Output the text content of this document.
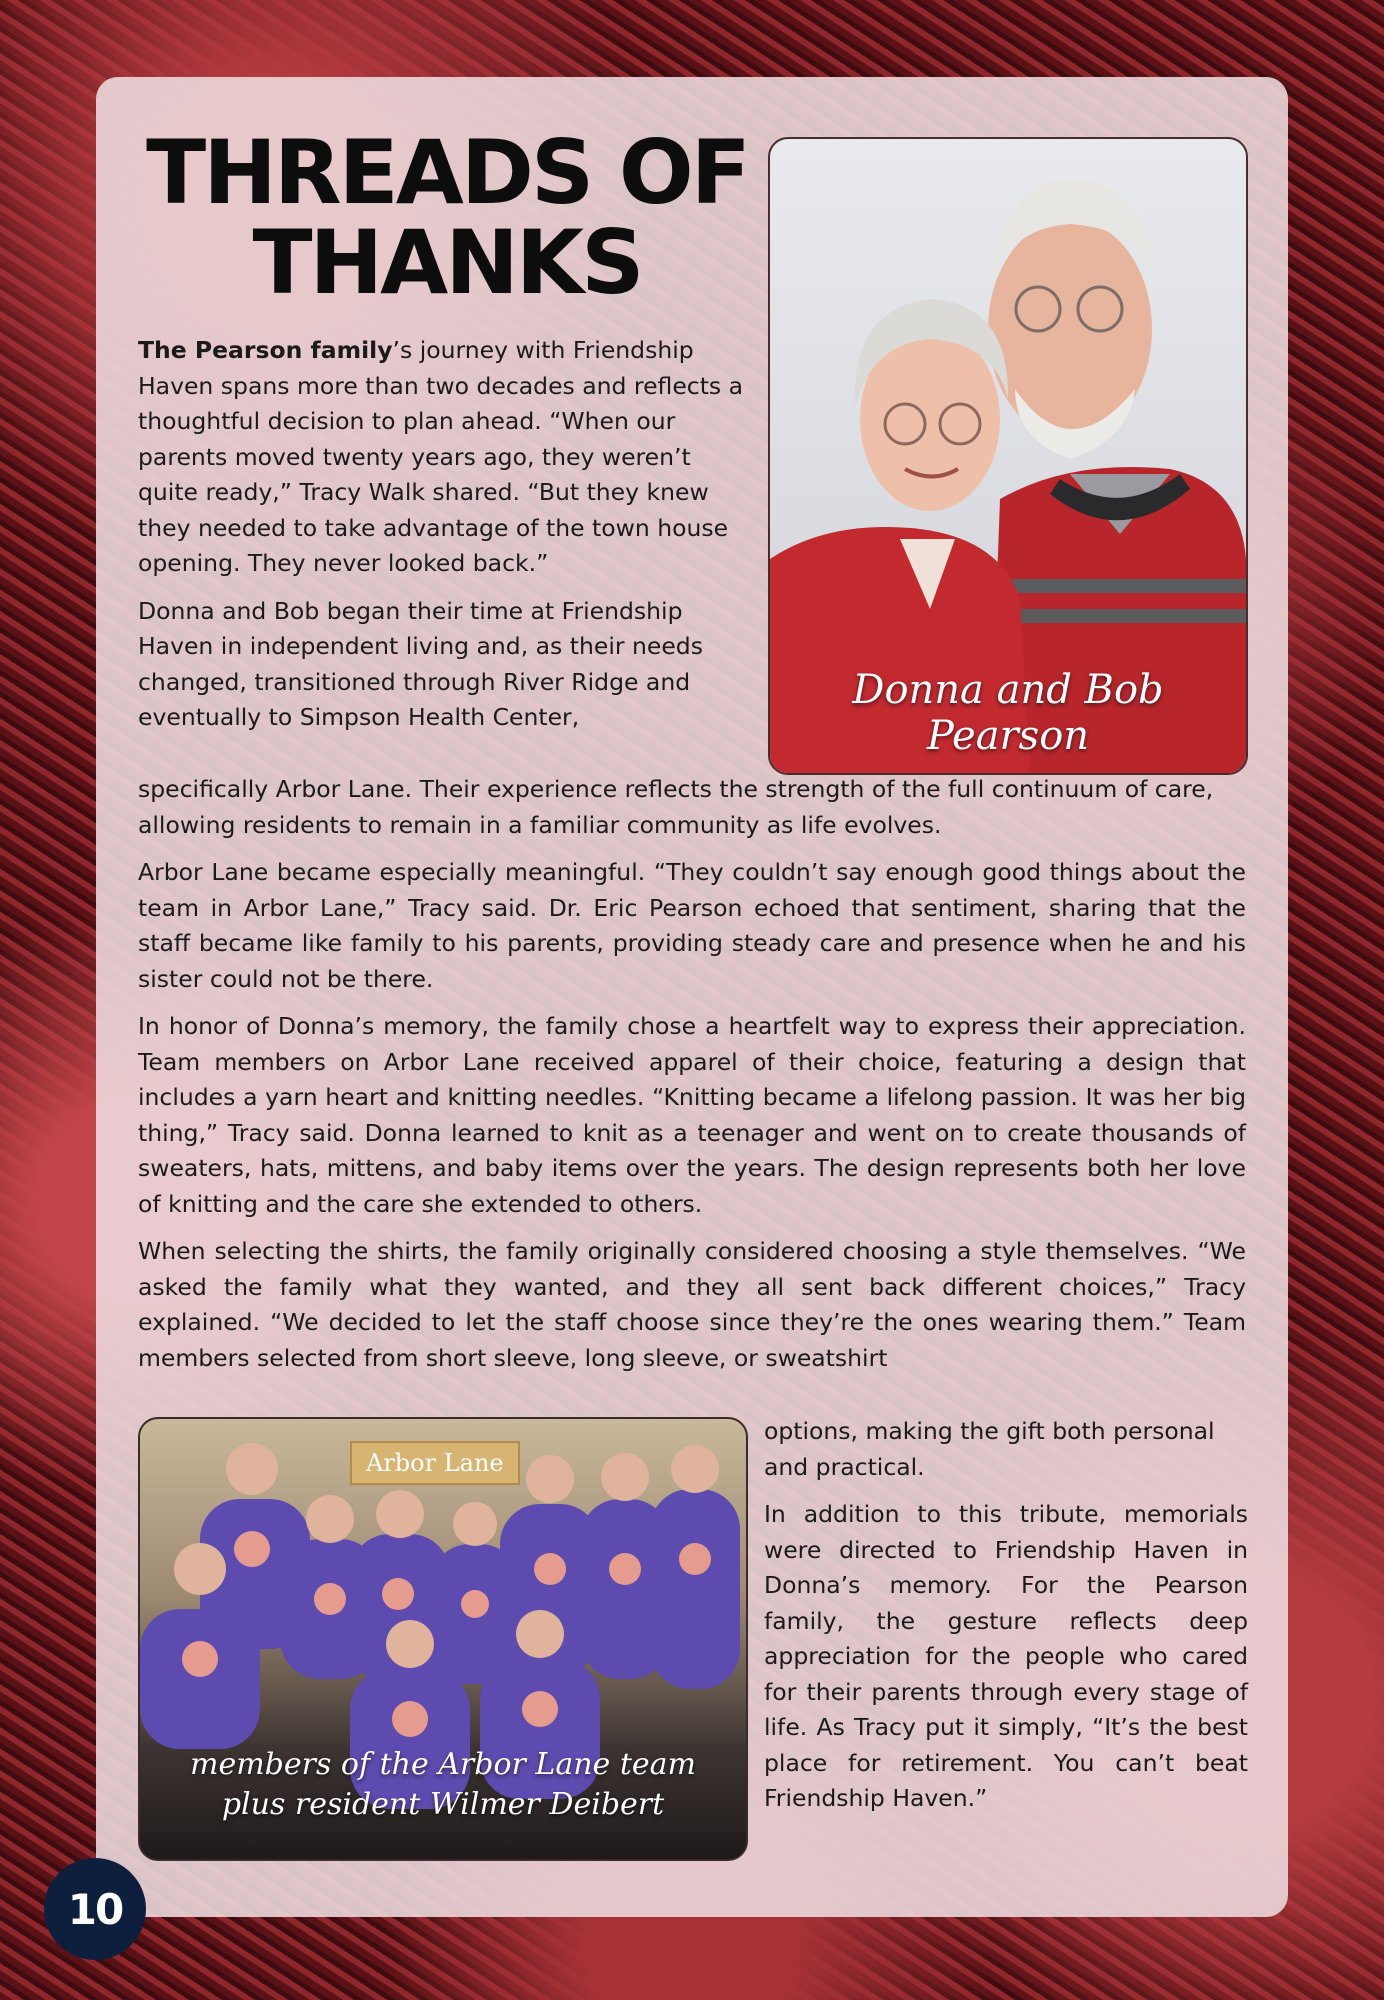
THREADS OF
THANKS
Donna and Bob Pearson

The Pearson family’s journey with Friendship Haven spans more than two decades and reflects a thoughtful decision to plan ahead. “When our parents moved twenty years ago, they weren’t quite ready,” Tracy Walk shared. “But they knew they needed to take advantage of the town house opening. They never looked back.”

Donna and Bob began their time at Friendship Haven in independent living and, as their needs changed, transitioned through River Ridge and eventually to Simpson Health Center,

specifically Arbor Lane. Their experience reflects the strength of the full continuum of care, allowing residents to remain in a familiar community as life evolves.

Arbor Lane became especially meaningful. “They couldn’t say enough good things about the team in Arbor Lane,” Tracy said. Dr. Eric Pearson echoed that sentiment, sharing that the staff became like family to his parents, providing steady care and presence when he and his sister could not be there.

In honor of Donna’s memory, the family chose a heartfelt way to express their appreciation. Team members on Arbor Lane received apparel of their choice, featuring a design that includes a yarn heart and knitting needles. “Knitting became a lifelong passion. It was her big thing,” Tracy said. Donna learned to knit as a teenager and went on to create thousands of sweaters, hats, mittens, and baby items over the years. The design represents both her love of knitting and the care she extended to others.

When selecting the shirts, the family originally considered choosing a style themselves. “We asked the family what they wanted, and they all sent back different choices,” Tracy explained. “We decided to let the staff choose since they’re the ones wearing them.” Team members selected from short sleeve, long sleeve, or sweatshirt

Arbor Lane
members of the Arbor Lane team
plus resident Wilmer Deibert

options, making the gift both personal and practical.

In addition to this tribute, memorials were directed to Friendship Haven in Donna’s memory. For the Pearson family, the gesture reflects deep appreciation for the people who cared for their parents through every stage of life. As Tracy put it simply, “It’s the best place for retirement. You can’t beat Friendship Haven.”

10
